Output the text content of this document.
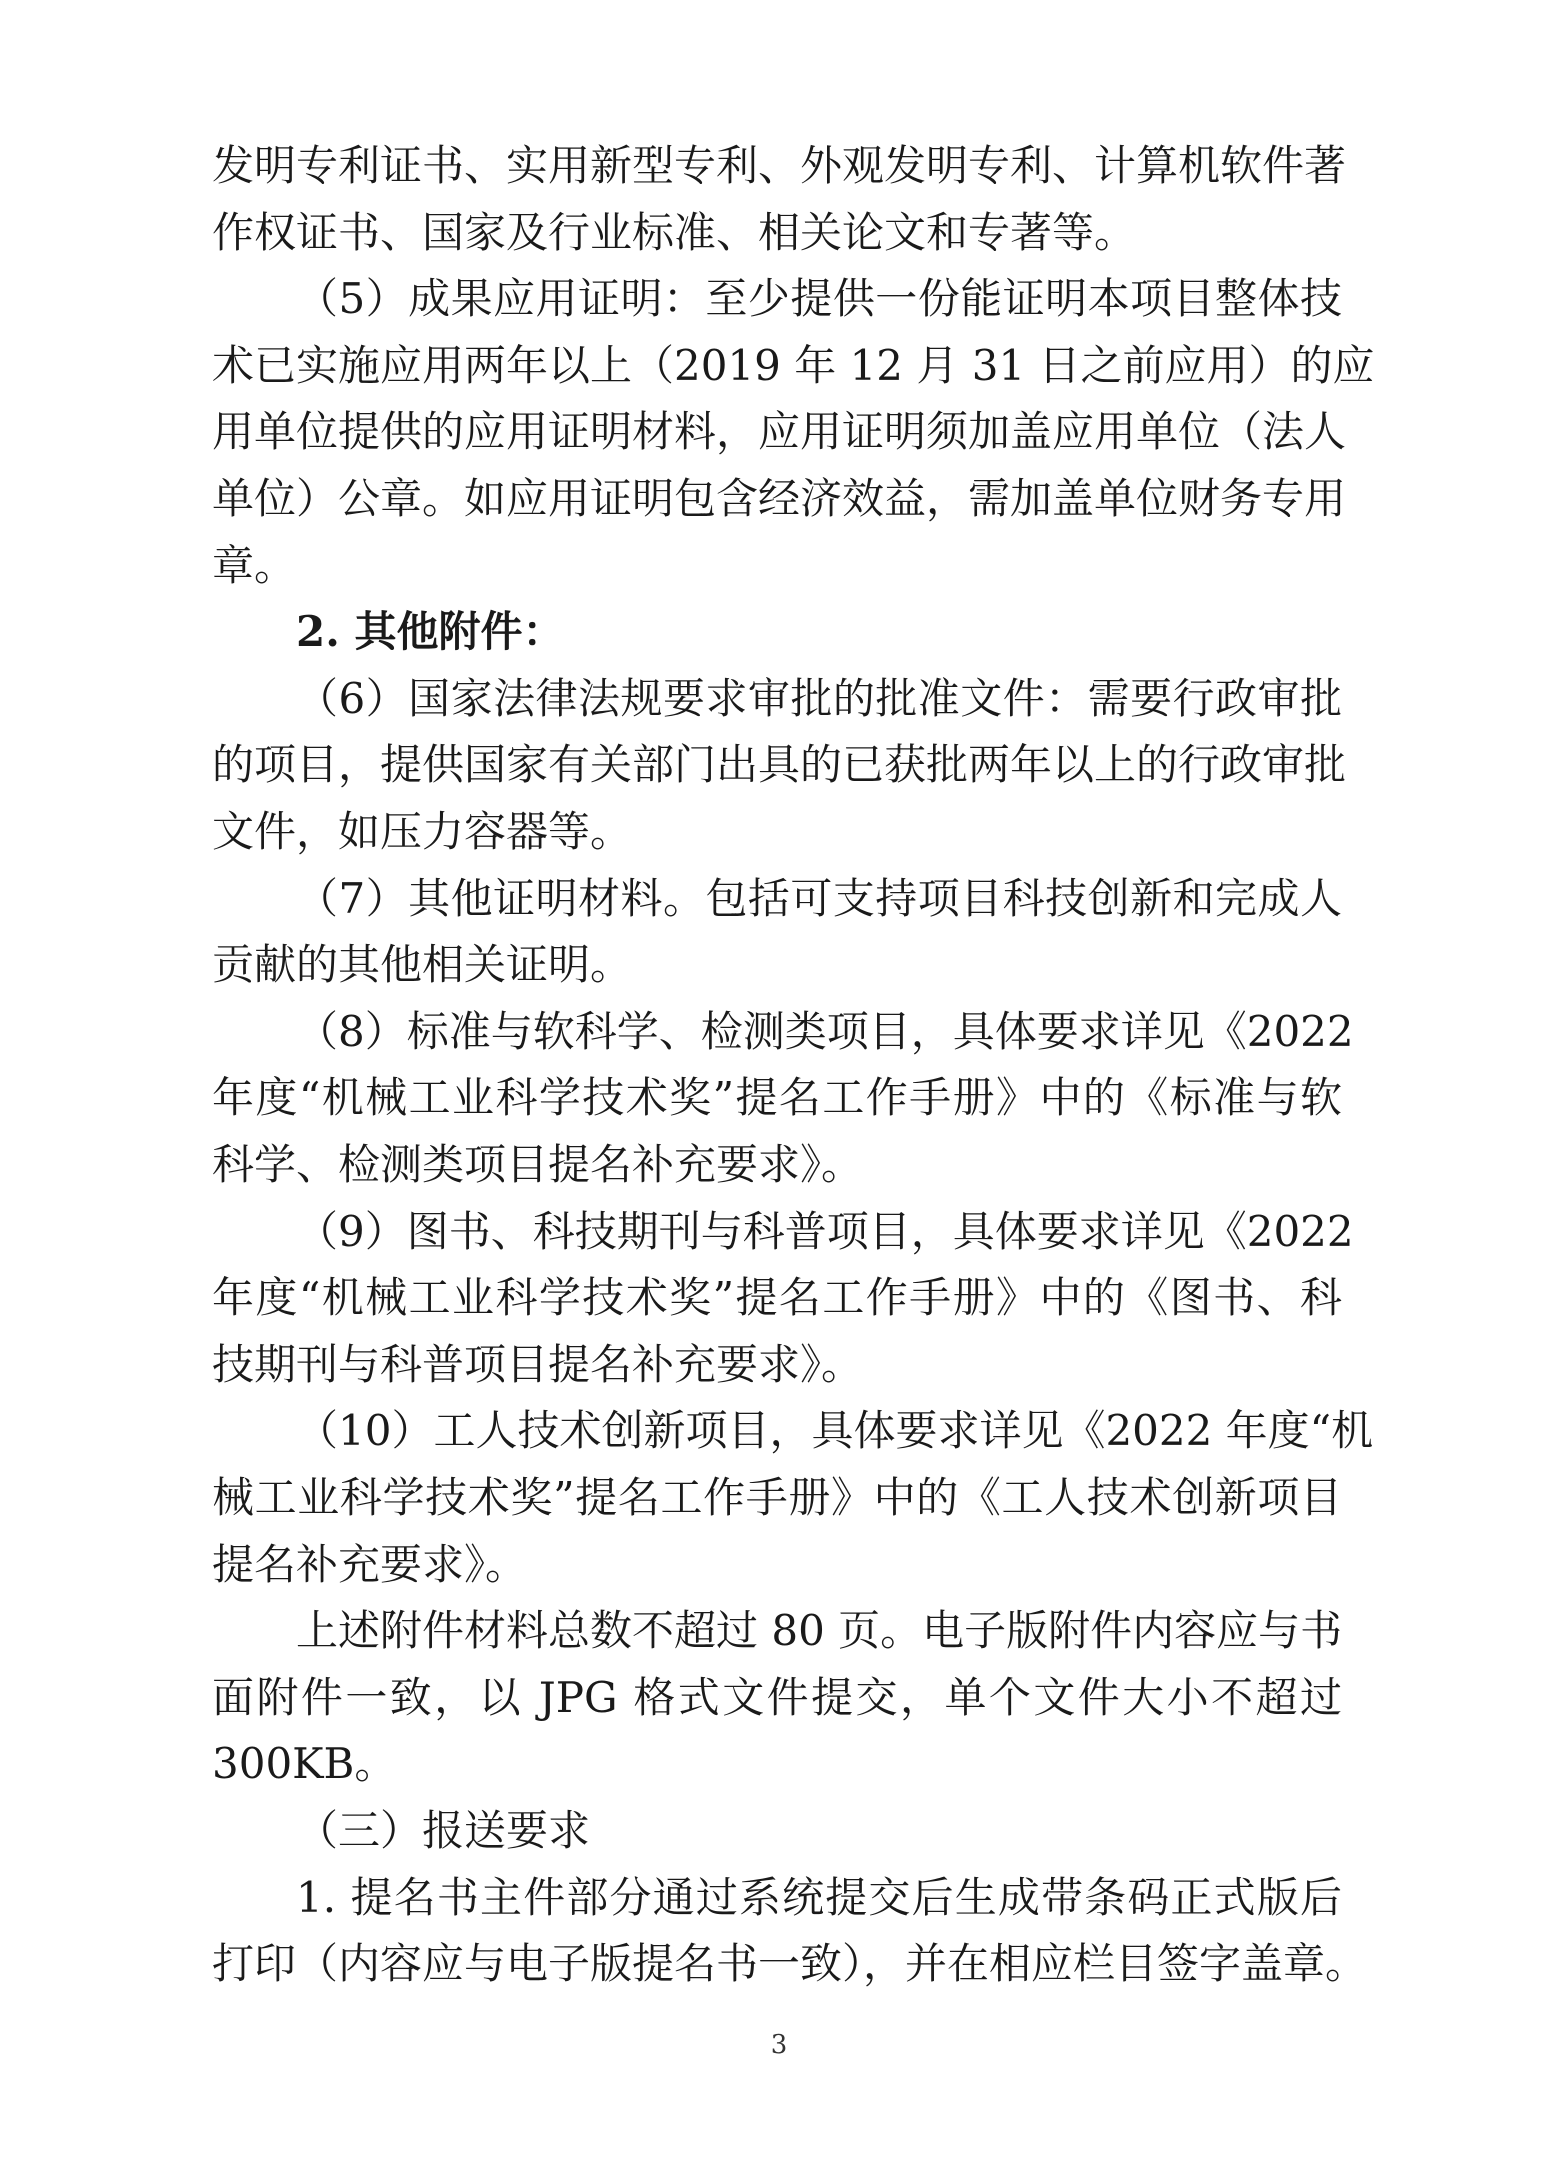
发明专利证书、实用新型专利、外观发明专利、计算机软件著
作权证书、国家及行业标准、相关论文和专著等。
（5）成果应用证明：至少提供一份能证明本项目整体技
术已实施应用两年以上（2019 年 12 月 31 日之前应用）的应
用单位提供的应用证明材料，应用证明须加盖应用单位（法人
单位）公章。如应用证明包含经济效益，需加盖单位财务专用
章。
2. 其他附件：
（6）国家法律法规要求审批的批准文件：需要行政审批
的项目，提供国家有关部门出具的已获批两年以上的行政审批
文件，如压力容器等。
（7）其他证明材料。包括可支持项目科技创新和完成人
贡献的其他相关证明。
（8）标准与软科学、检测类项目，具体要求详见《2022
年度“机械工业科学技术奖”提名工作手册》中的《标准与软
科学、检测类项目提名补充要求》。
（9）图书、科技期刊与科普项目，具体要求详见《2022
年度“机械工业科学技术奖”提名工作手册》中的《图书、科
技期刊与科普项目提名补充要求》。
（10）工人技术创新项目，具体要求详见《2022 年度“机
械工业科学技术奖”提名工作手册》中的《工人技术创新项目
提名补充要求》。
上述附件材料总数不超过 80 页。电子版附件内容应与书
面附件一致，以 JPG 格式文件提交，单个文件大小不超过
300KB。
（三）报送要求
1. 提名书主件部分通过系统提交后生成带条码正式版后
打印（内容应与电子版提名书一致），并在相应栏目签字盖章。
3
